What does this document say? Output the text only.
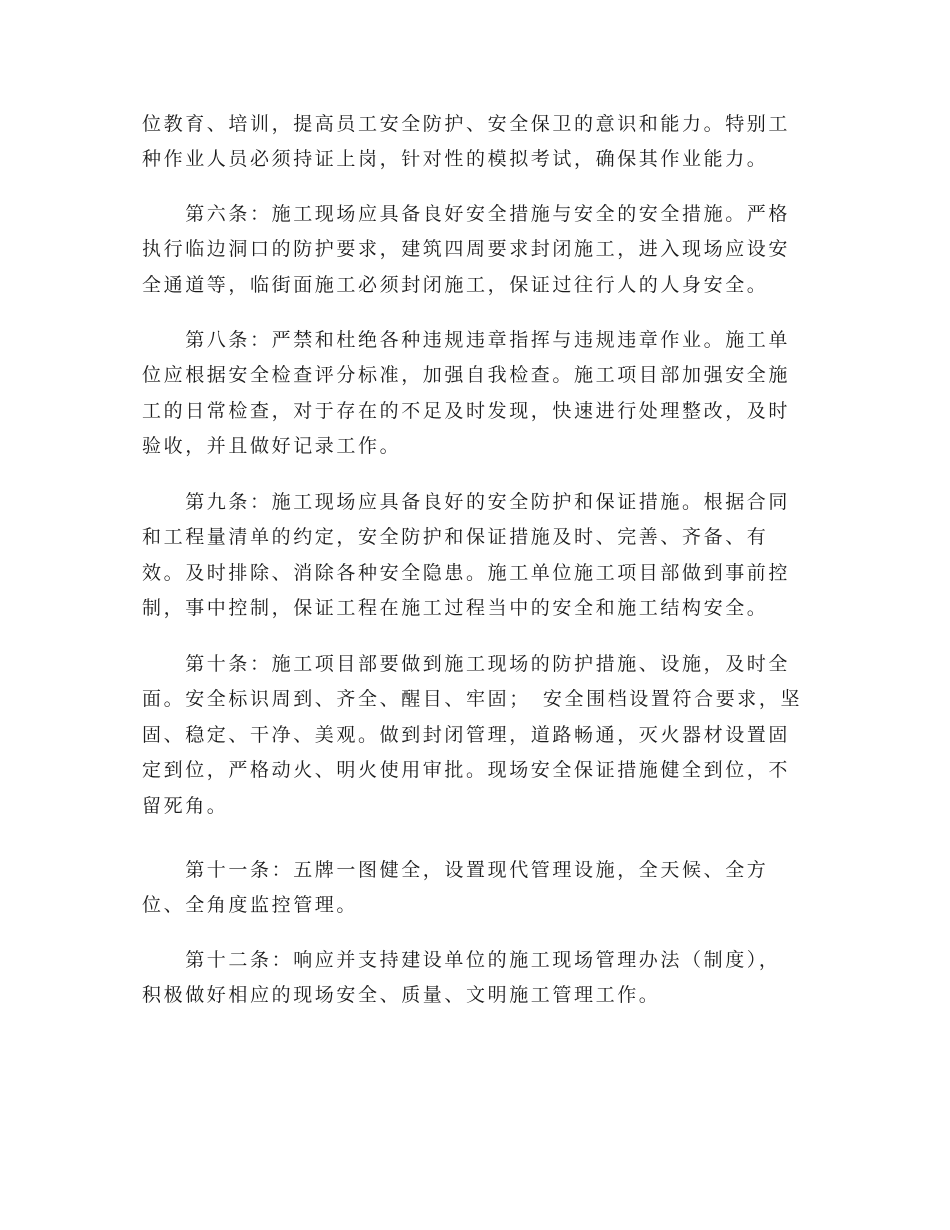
位教育、培训，提高员工安全防护、安全保卫的意识和能力。特别工
种作业人员必须持证上岗，针对性的模拟考试，确保其作业能力。
　　第六条：施工现场应具备良好安全措施与安全的安全措施。严格
执行临边洞口的防护要求，建筑四周要求封闭施工，进入现场应设安
全通道等，临街面施工必须封闭施工，保证过往行人的人身安全。
　　第八条：严禁和杜绝各种违规违章指挥与违规违章作业。施工单
位应根据安全检查评分标准，加强自我检查。施工项目部加强安全施
工的日常检查，对于存在的不足及时发现，快速进行处理整改，及时
验收，并且做好记录工作。
　　第九条：施工现场应具备良好的安全防护和保证措施。根据合同
和工程量清单的约定，安全防护和保证措施及时、完善、齐备、有
效。及时排除、消除各种安全隐患。施工单位施工项目部做到事前控
制，事中控制，保证工程在施工过程当中的安全和施工结构安全。
　　第十条：施工项目部要做到施工现场的防护措施、设施，及时全
面。安全标识周到、齐全、醒目、牢固；　安全围档设置符合要求，坚
固、稳定、干净、美观。做到封闭管理，道路畅通，灭火器材设置固
定到位，严格动火、明火使用审批。现场安全保证措施健全到位，不
留死角。
　　第十一条：五牌一图健全，设置现代管理设施，全天候、全方
位、全角度监控管理。
　　第十二条：响应并支持建设单位的施工现场管理办法（制度），
积极做好相应的现场安全、质量、文明施工管理工作。
